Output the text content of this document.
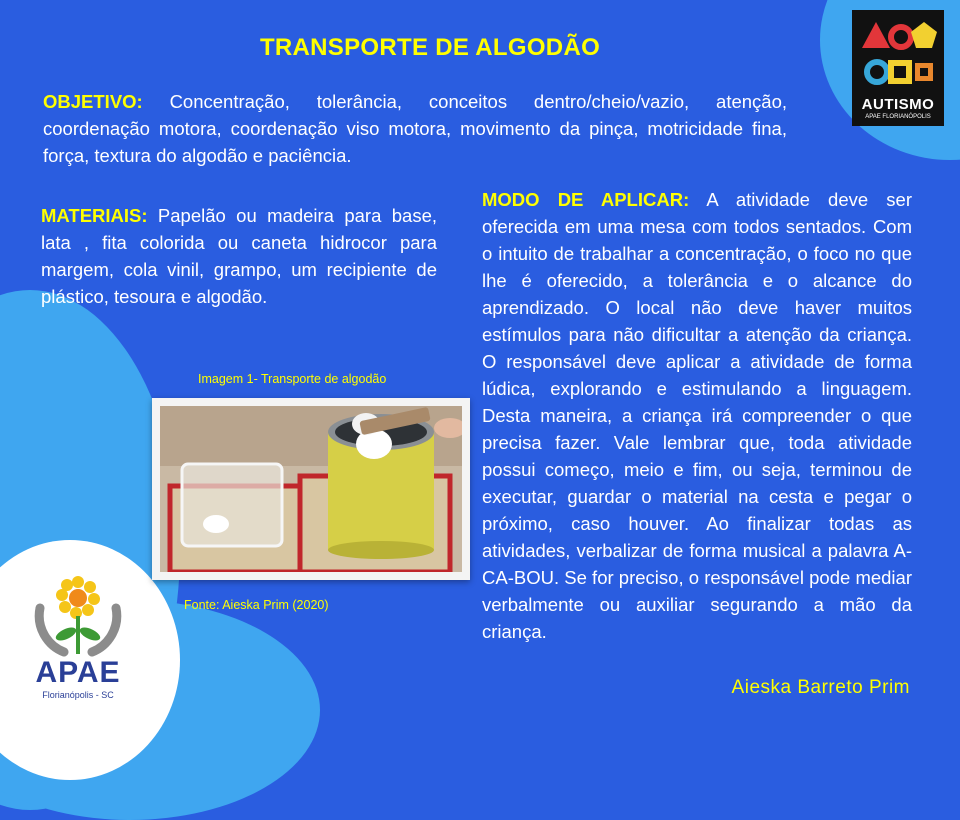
TRANSPORTE DE ALGODÃO
OBJETIVO: Concentração, tolerância, conceitos dentro/cheio/vazio, atenção, coordenação motora, coordenação viso motora, movimento da pinça, motricidade fina, força, textura do algodão e paciência.
MATERIAIS: Papelão ou madeira para base, lata , fita colorida ou caneta hidrocor para margem, cola vinil, grampo, um recipiente de plástico, tesoura e algodão.
MODO DE APLICAR: A atividade deve ser oferecida em uma mesa com todos sentados. Com o intuito de trabalhar a concentração, o foco no que lhe é oferecido, a tolerância e o alcance do aprendizado. O local não deve haver muitos estímulos para não dificultar a atenção da criança. O responsável deve aplicar a atividade de forma lúdica, explorando e estimulando a linguagem. Desta maneira, a criança irá compreender o que precisa fazer. Vale lembrar que, toda atividade possui começo, meio e fim, ou seja, terminou de executar, guardar o material na cesta e pegar o próximo, caso houver. Ao finalizar todas as atividades, verbalizar de forma musical a palavra A-CA-BOU. Se for preciso, o responsável pode mediar verbalmente ou auxiliar segurando a mão da criança.
Imagem 1- Transporte de algodão
Fonte: Aieska Prim (2020)
Aieska Barreto Prim
AUTISMO
APAE FLORIANÓPOLIS
APAE
Florianópolis - SC
